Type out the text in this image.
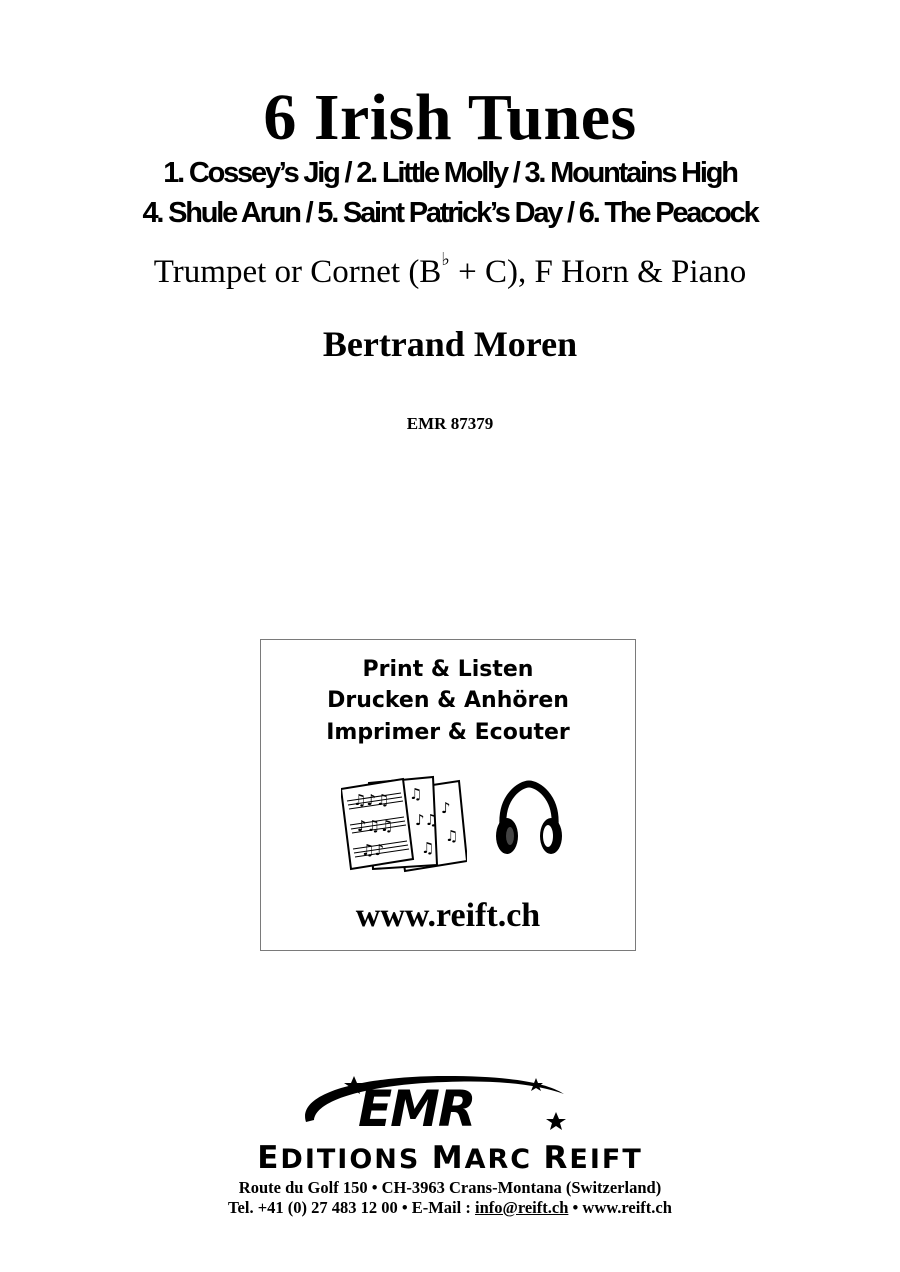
6 Irish Tunes
1. Cossey’s Jig / 2. Little Molly / 3. Mountains High
4. Shule Arun / 5. Saint Patrick’s Day / 6. The Peacock
Trumpet or Cornet (B♭ + C), F Horn & Piano
Bertrand Moren
EMR 87379
Print & Listen
Drucken & Anhören
Imprimer & Ecouter
♫♪♫
♪♫♫
♫♪
♫
♪♫
♫
♪
♫
www.reift.ch
EMR
EDITIONS MARC REIFT
Route du Golf 150 • CH-3963 Crans-Montana (Switzerland)
Tel. +41 (0) 27 483 12 00 • E-Mail : info@reift.ch • www.reift.ch
